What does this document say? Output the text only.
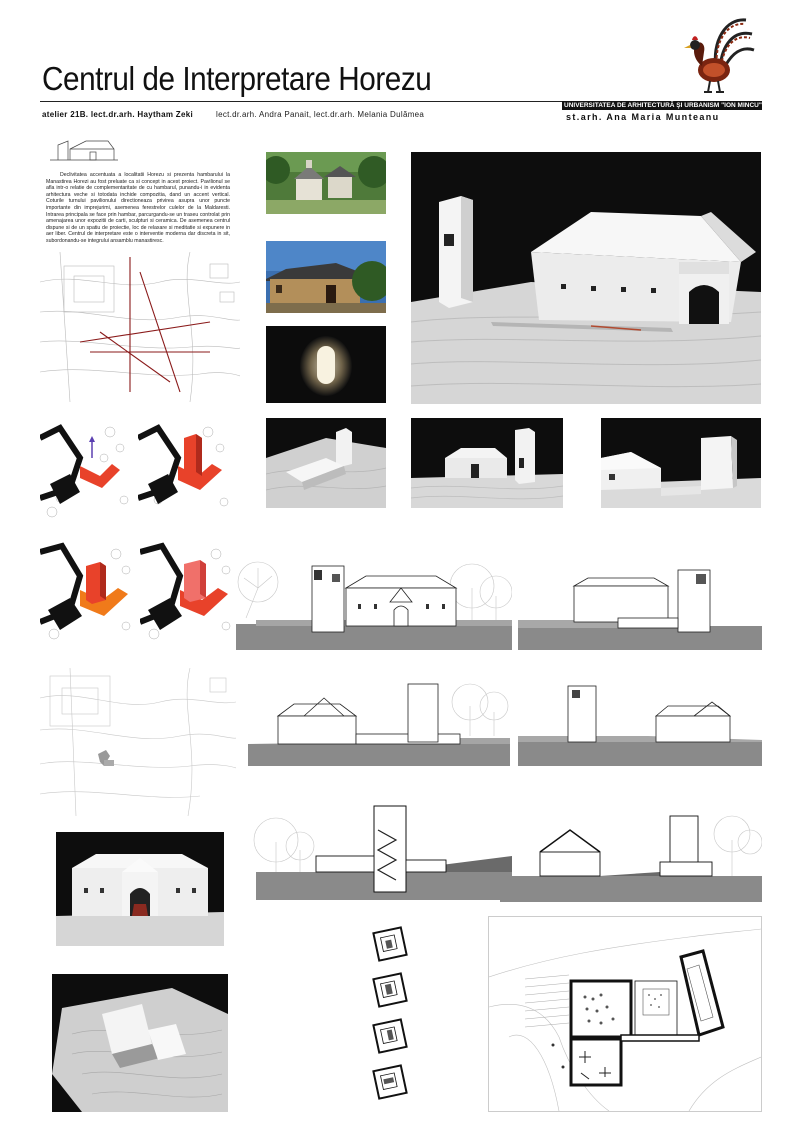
Centrul de Interpretare Horezu
UNIVERSITATEA DE ARHITECTURĂ ŞI URBANISM "ION MINCU"
st.arh. Ana Maria Munteanu
atelier 21B. lect.dr.arh. Haytham Zeki	lect.dr.arh. Andra Panait, lect.dr.arh. Melania Dulămea
Declivitatea accentuata a localitatii Horezu si prezenta hambarului la Manastirea Horezi au fost preluate ca si concept in acest proiect. Pavilionul se afla intr-o relatie de complementaritate de cu hambarul, punandu-i in evidenta arhitectura veche si totodata inchide compozitia, dand un accent vertical. Coturile turnului pavilionului directioneaza privirea asupra unor puncte importante din imprejurimi, asemenea ferestrelor culelor de la Maldaresti. Intrarea principala se face prin hambar, parcurgandu-se un traseu controlat prin amenajarea unor expozitii de carti, sculpturi si ceramica. De asemenea centrul dispune si de un spatiu de proiectie, loc de relaxare si meditatie si expunere in aer liber. Centrul de interpretare este o interventie moderna dar discreta in sit, subordonandu-se integrului ansamblu manastiresc.
